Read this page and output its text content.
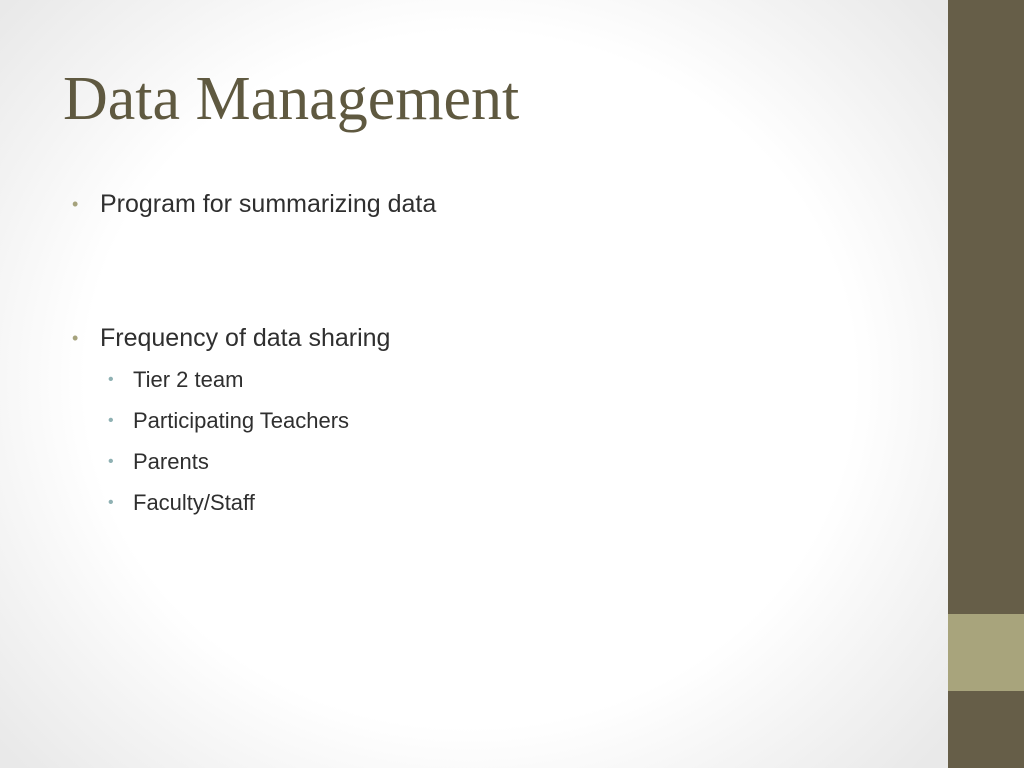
Data Management
• Program for summarizing data
• Frequency of data sharing
• Tier 2 team
• Participating Teachers
• Parents
• Faculty/Staff
